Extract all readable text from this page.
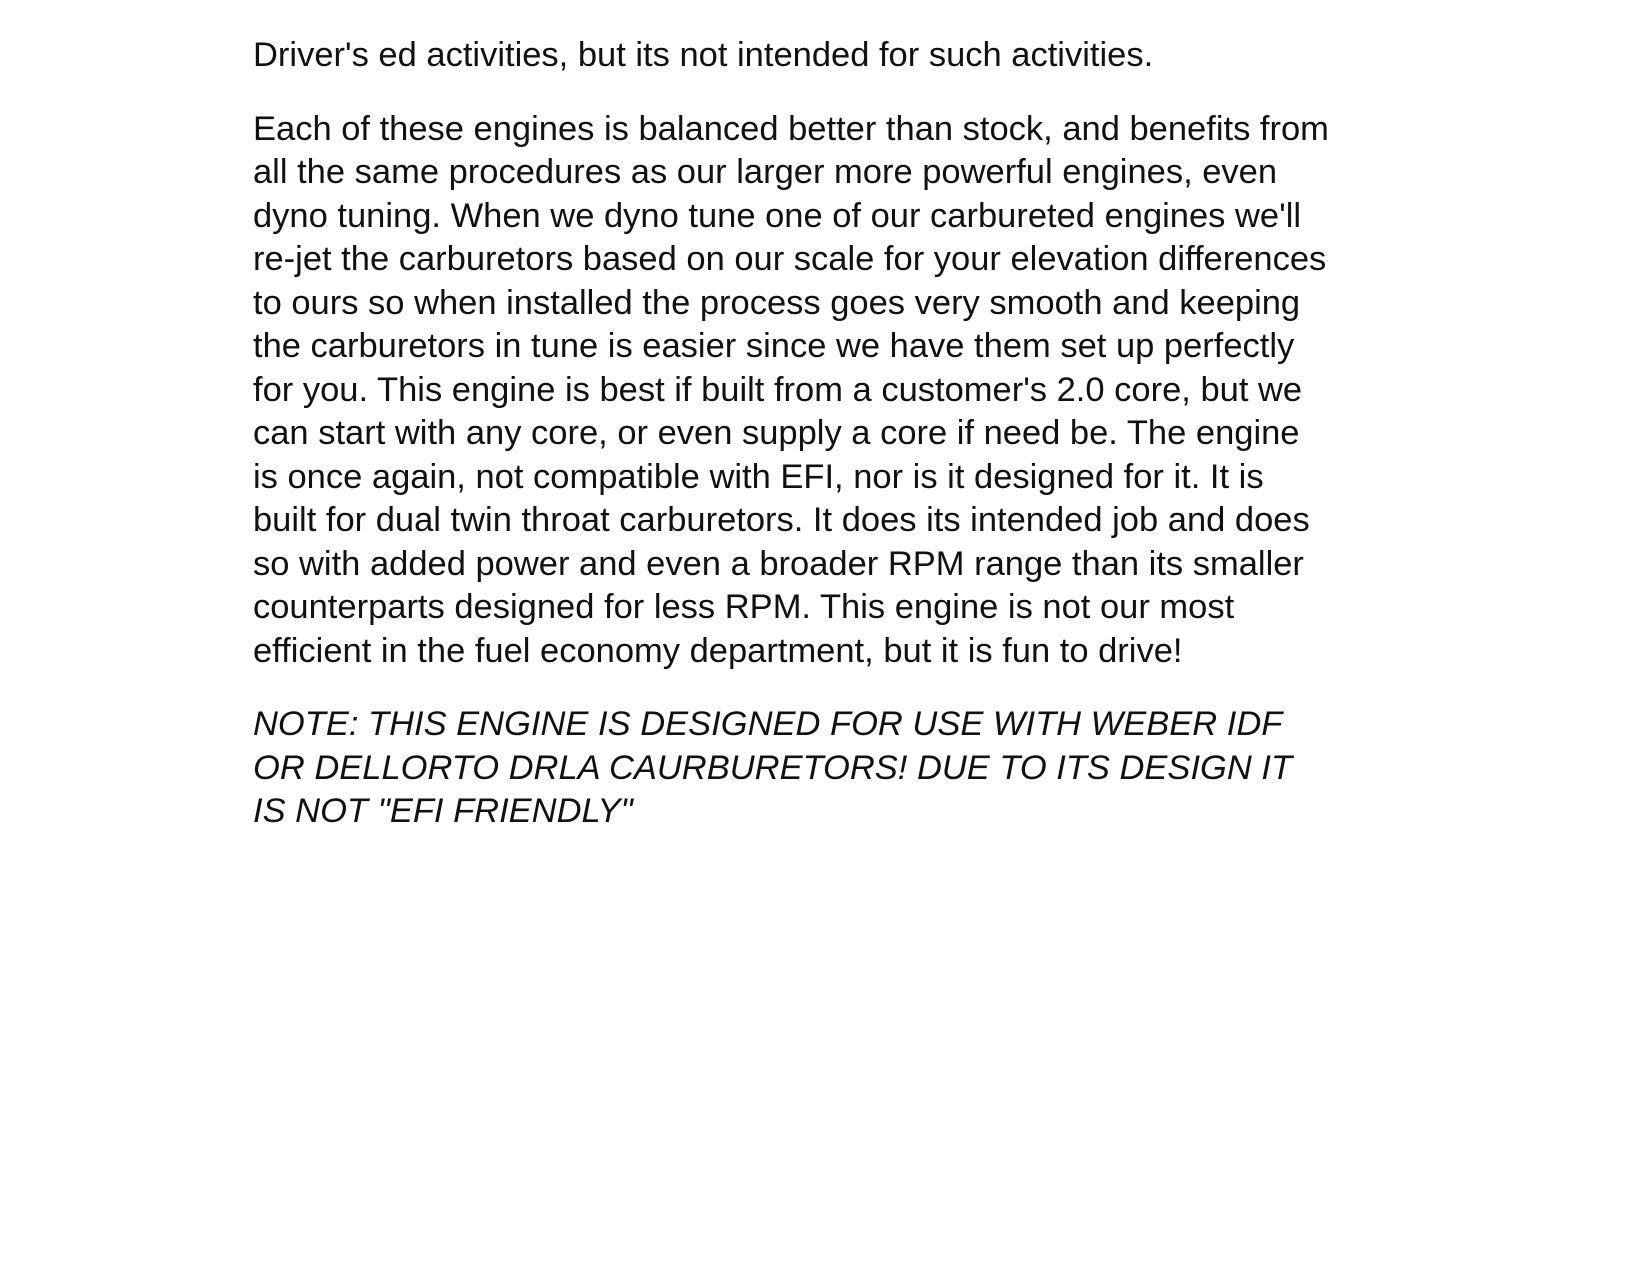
Driver's ed activities, but its not intended for such activities.

Each of these engines is balanced better than stock, and benefits from
all the same procedures as our larger more powerful engines, even
dyno tuning. When we dyno tune one of our carbureted engines we'll
re-jet the carburetors based on our scale for your elevation differences
to ours so when installed the process goes very smooth and keeping
the carburetors in tune is easier since we have them set up perfectly
for you. This engine is best if built from a customer's 2.0 core, but we
can start with any core, or even supply a core if need be. The engine
is once again, not compatible with EFI, nor is it designed for it. It is
built for dual twin throat carburetors. It does its intended job and does
so with added power and even a broader RPM range than its smaller
counterparts designed for less RPM. This engine is not our most
efficient in the fuel economy department, but it is fun to drive!

NOTE: THIS ENGINE IS DESIGNED FOR USE WITH WEBER IDF
OR DELLORTO DRLA CAURBURETORS! DUE TO ITS DESIGN IT
IS NOT "EFI FRIENDLY"
